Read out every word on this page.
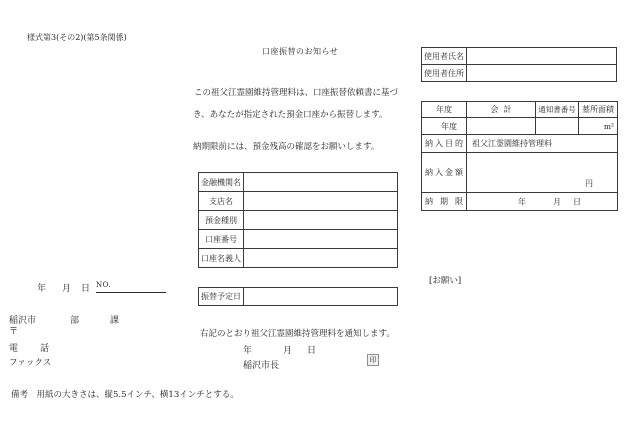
様式第3(その2)(第5条関係)
口座振替のお知らせ
この祖父江霊園維持管理料は、口座振替依頼書に基づ
き、あなたが指定された預金口座から振替します。
納期限前には、預金残高の確認をお願いします。
金融機関名	
支店名	
預金種別	
口座番号	
口座名義人	
振替予定日	
年 月 日 NO.
稲沢市	部	課
〒
電話
ファックス
右記のとおり祖父江霊園維持管理料を通知します。
年	月 日
稲沢市長
印
使用者氏名	
使用者住所	
年度	会計	通知書番号	墓所面積
年度			m²
納入目的	祖父江霊園維持管理料		
納入金額	円		
納期限	年 月 日		
[お願い]
備考　用紙の大きさは、縦5.5インチ、横13インチとする。
